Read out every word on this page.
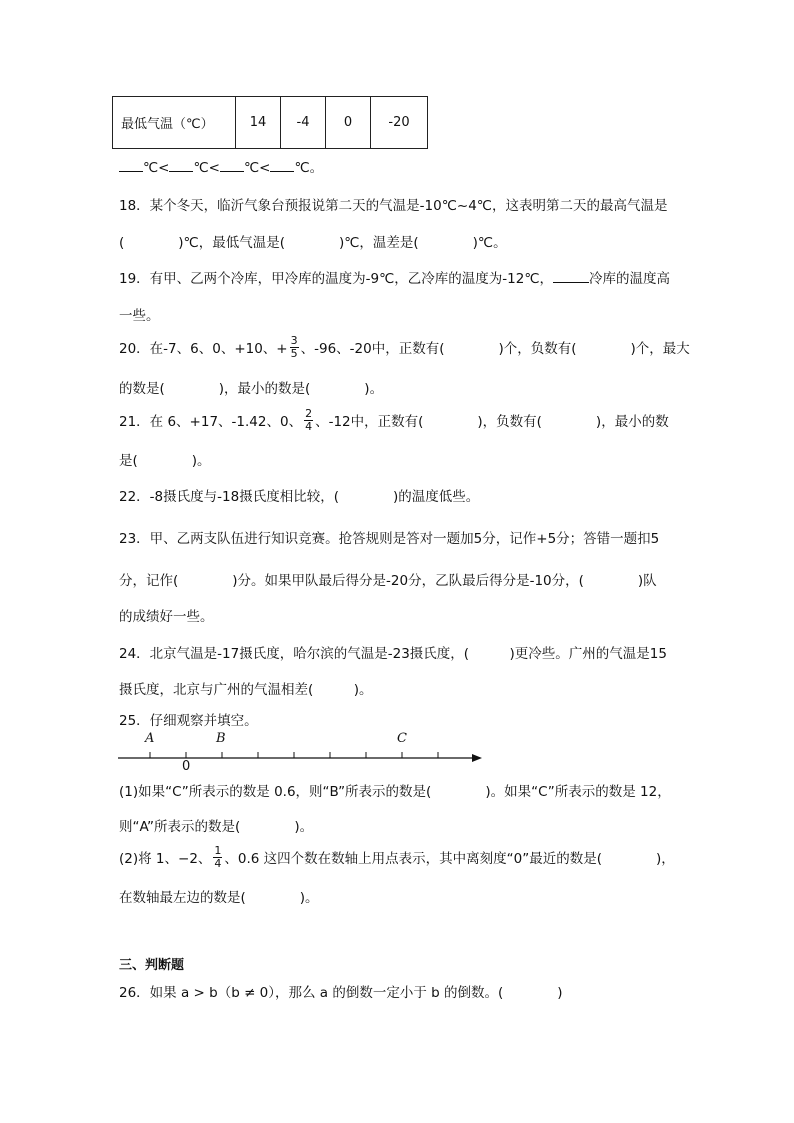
最低气温（℃）	14	-4	0	-20
℃< ℃< ℃< ℃。
18．某个冬天，临沂气象台预报说第二天的气温是-10℃~4℃，这表明第二天的最高气温是
(　　　　)℃，最低气温是(　　　　)℃，温差是(　　　　)℃。
19．有甲、乙两个冷库，甲冷库的温度为-9℃，乙冷库的温度为-12℃，	冷库的温度高
一些。
20．在-7、6、0、+10、+ $\frac{3}{5}$ 、-96、-20中，正数有(　　　　)个，负数有(　　　　)个，最大
的数是(　　　　)，最小的数是(　　　　)。
21．在 6、+17、-1.42、0、 $\frac{2}{4}$ 、-12中，正数有(　　　　)，负数有(　　　　)，最小的数
是(　　　　)。
22．-8摄氏度与-18摄氏度相比较，(　　　　)的温度低些。
23．甲、乙两支队伍进行知识竞赛。抢答规则是答对一题加5分，记作+5分；答错一题扣5
分，记作(　　　　)分。如果甲队最后得分是-20分，乙队最后得分是-10分，(　　　　)队
的成绩好一些。
24．北京气温是-17摄氏度，哈尔滨的气温是-23摄氏度，(　　　)更冷些。广州的气温是15
摄氏度，北京与广州的气温相差(　　　)。
25．仔细观察并填空。
A	B	C
0
(1)如果“C”所表示的数是 0.6，则“B”所表示的数是(　　　　)。如果“C”所表示的数是 12，
则“A”所表示的数是(　　　　)。
(2)将 1、−2、 $\frac{1}{4}$ 、0.6 这四个数在数轴上用点表示，其中离刻度“0”最近的数是(　　　　)，
在数轴最左边的数是(　　　　)。
三、判断题
26．如果 a > b（b ≠ 0），那么 a 的倒数一定小于 b 的倒数。(　　　　)
